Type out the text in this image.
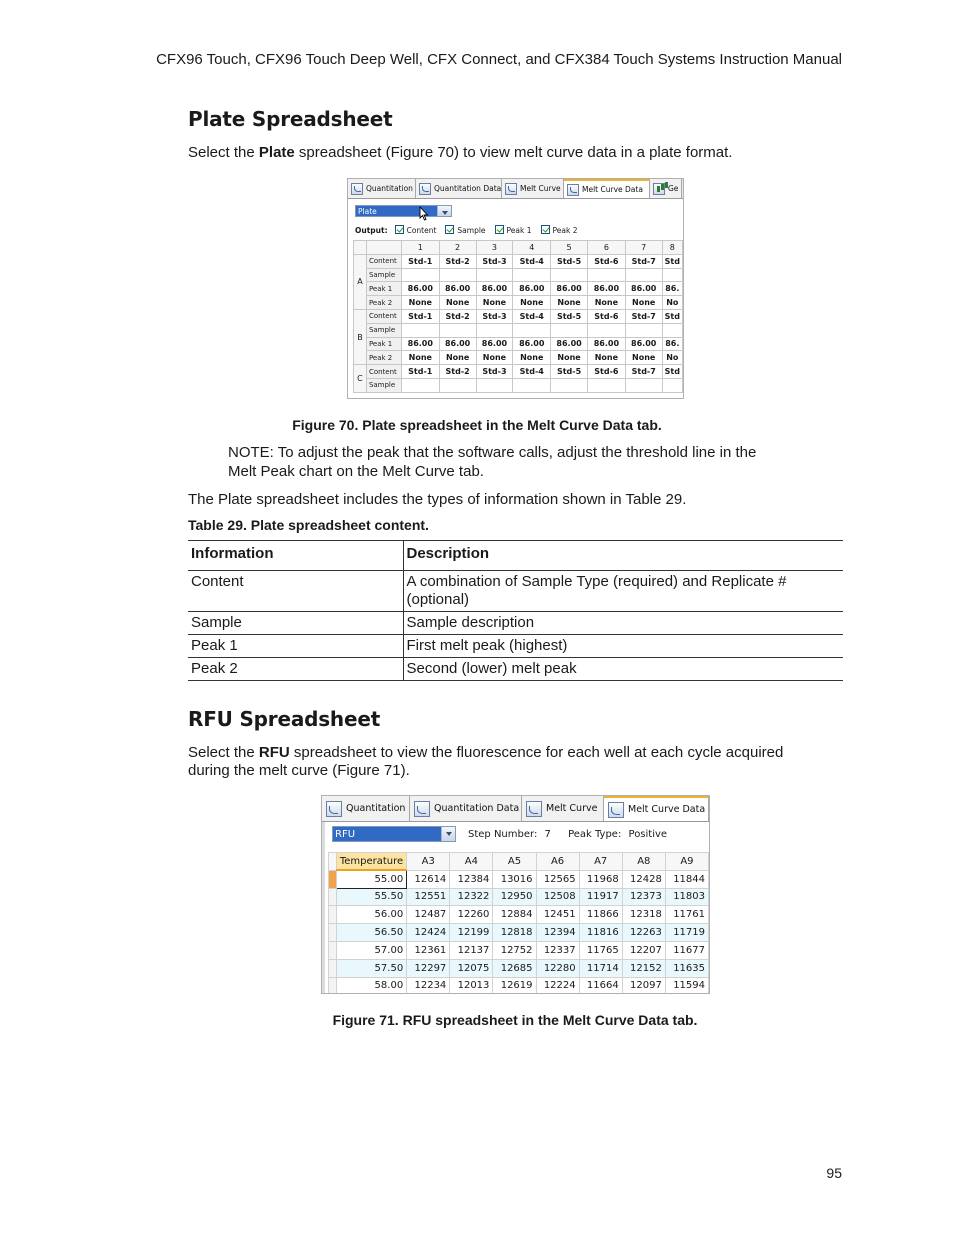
CFX96 Touch, CFX96 Touch Deep Well, CFX Connect, and CFX384 Touch Systems Instruction Manual
Plate Spreadsheet

Select the Plate spreadsheet (Figure 70) to view melt curve data in a plate format.

Quantitation	Quantitation Data	Melt Curve	Melt Curve Data	Ge
Plate
Output:	Content	Sample	Peak 1	Peak 2
		1	2	3	4	5	6	7	8
A	Content	Std-1	Std-2	Std-3	Std-4	Std-5	Std-6	Std-7	Std
	Sample								
	Peak 1	86.00	86.00	86.00	86.00	86.00	86.00	86.00	86.
	Peak 2	None	None	None	None	None	None	None	No
B	Content	Std-1	Std-2	Std-3	Std-4	Std-5	Std-6	Std-7	Std
	Sample								
	Peak 1	86.00	86.00	86.00	86.00	86.00	86.00	86.00	86.
	Peak 2	None	None	None	None	None	None	None	No
C	Content	Std-1	Std-2	Std-3	Std-4	Std-5	Std-6	Std-7	Std
	Sample								

Figure 70. Plate spreadsheet in the Melt Curve Data tab.

NOTE: To adjust the peak that the software calls, adjust the threshold line in the

Melt Peak chart on the Melt Curve tab.

The Plate spreadsheet includes the types of information shown in Table 29.

Table 29. Plate spreadsheet content.

Information	Description
Content	A combination of Sample Type (required) and Replicate # (optional)
Sample	Sample description
Peak 1	First melt peak (highest)
Peak 2	Second (lower) melt peak
RFU Spreadsheet

Select the RFU spreadsheet to view the fluorescence for each well at each cycle acquired

during the melt curve (Figure 71).

Quantitation	Quantitation Data	Melt Curve	Melt Curve Data
RFU	Step Number: 7 Peak Type: Positive
	Temperature	A3	A4	A5	A6	A7	A8	A9
	55.00	12614	12384	13016	12565	11968	12428	11844
	55.50	12551	12322	12950	12508	11917	12373	11803
	56.00	12487	12260	12884	12451	11866	12318	11761
	56.50	12424	12199	12818	12394	11816	12263	11719
	57.00	12361	12137	12752	12337	11765	12207	11677
	57.50	12297	12075	12685	12280	11714	12152	11635
	58.00	12234	12013	12619	12224	11664	12097	11594

Figure 71. RFU spreadsheet in the Melt Curve Data tab.

95
